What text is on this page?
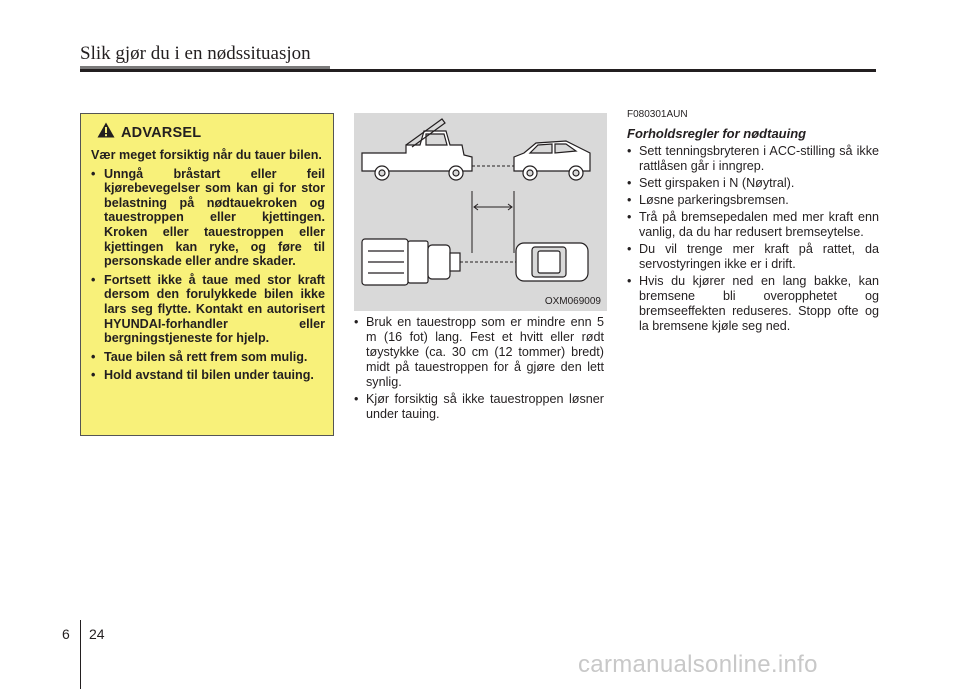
Slik gjør du i en nødssituasjon
ADVARSEL
Vær meget forsiktig når du tauer bilen.
• Unngå bråstart eller feil kjørebevegelser som kan gi for stor belastning på nødtauekroken og tauestroppen eller kjettingen. Kroken eller tauestroppen eller kjettingen kan ryke, og føre til personskade eller andre skader.
• Fortsett ikke å taue med stor kraft dersom den forulykkede bilen ikke lars seg flytte. Kontakt en autorisert HYUNDAI-forhandler eller bergningstjeneste for hjelp.
• Taue bilen så rett frem som mulig.
• Hold avstand til bilen under tauing.
OXM069009
• Bruk en tauestropp som er mindre enn 5 m (16 fot) lang. Fest et hvitt eller rødt tøystykke (ca. 30 cm (12 tommer) bredt) midt på tauestroppen for å gjøre den lett synlig.
• Kjør forsiktig så ikke tauestroppen løsner under tauing.
F080301AUN
Forholdsregler for nødtauing
• Sett tenningsbryteren i ACC-stilling så ikke rattlåsen går i inngrep.
• Sett girspaken i N (Nøytral).
• Løsne parkeringsbremsen.
• Trå på bremsepedalen med mer kraft enn vanlig, da du har redusert bremseytelse.
• Du vil trenge mer kraft på rattet, da servostyringen ikke er i drift.
• Hvis du kjører ned en lang bakke, kan bremsene bli overopphetet og bremseeffekten reduseres. Stopp ofte og la bremsene kjøle seg ned.
6 24
carmanualsonline.info
